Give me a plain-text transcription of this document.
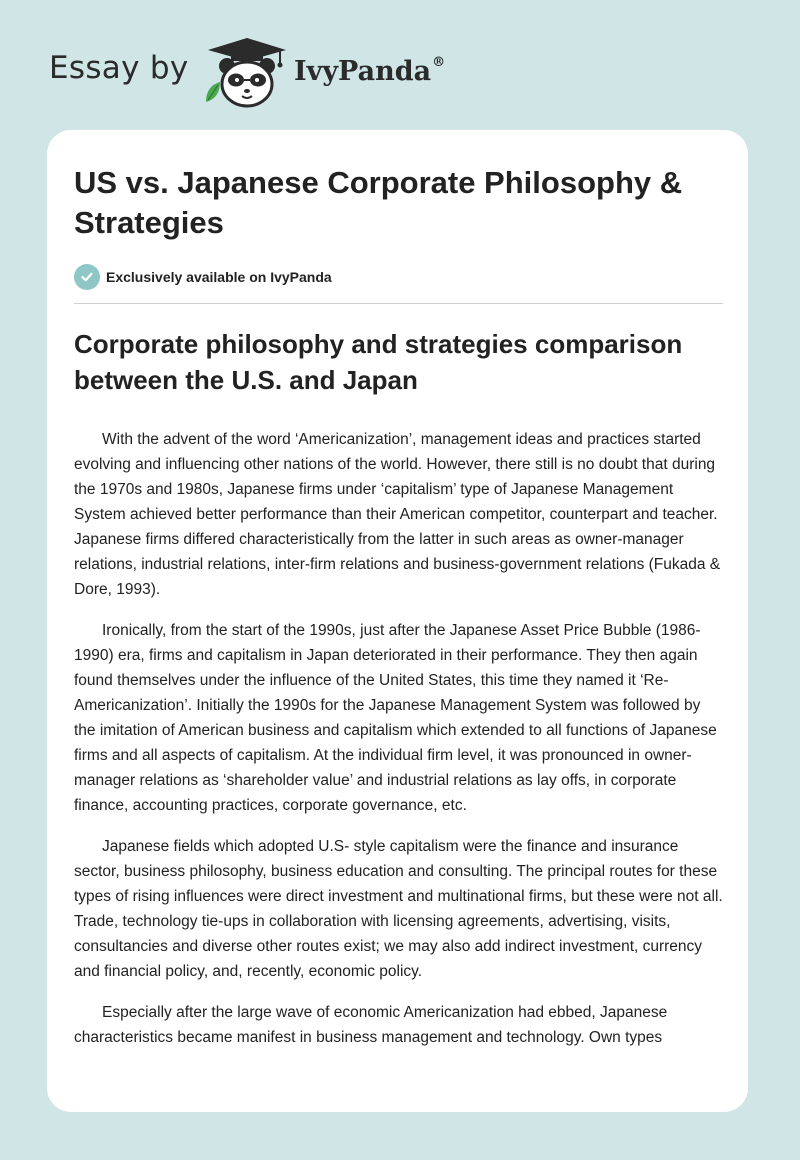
Essay by	IvyPanda®
US vs. Japanese Corporate Philosophy & Strategies
Exclusively available on IvyPanda
Corporate philosophy and strategies comparison between the U.S. and Japan

With the advent of the word ‘Americanization’, management ideas and practices started evolving and influencing other nations of the world. However, there still is no doubt that during the 1970s and 1980s, Japanese firms under ‘capitalism’ type of Japanese Management System achieved better performance than their American competitor, counterpart and teacher. Japanese firms differed characteristically from the latter in such areas as owner-manager relations, industrial relations, inter-firm relations and business-government relations (Fukada & Dore, 1993).

Ironically, from the start of the 1990s, just after the Japanese Asset Price Bubble (1986-1990) era, firms and capitalism in Japan deteriorated in their performance. They then again found themselves under the influence of the United States, this time they named it ‘Re-Americanization’. Initially the 1990s for the Japanese Management System was followed by the imitation of American business and capitalism which extended to all functions of Japanese firms and all aspects of capitalism. At the individual firm level, it was pronounced in owner-manager relations as ‘shareholder value’ and industrial relations as lay offs, in corporate finance, accounting practices, corporate governance, etc.

Japanese fields which adopted U.S- style capitalism were the finance and insurance sector, business philosophy, business education and consulting. The principal routes for these types of rising influences were direct investment and multinational firms, but these were not all. Trade, technology tie-ups in collaboration with licensing agreements, advertising, visits, consultancies and diverse other routes exist; we may also add indirect investment, currency and financial policy, and, recently, economic policy.

Especially after the large wave of economic Americanization had ebbed, Japanese characteristics became manifest in business management and technology. Own types
